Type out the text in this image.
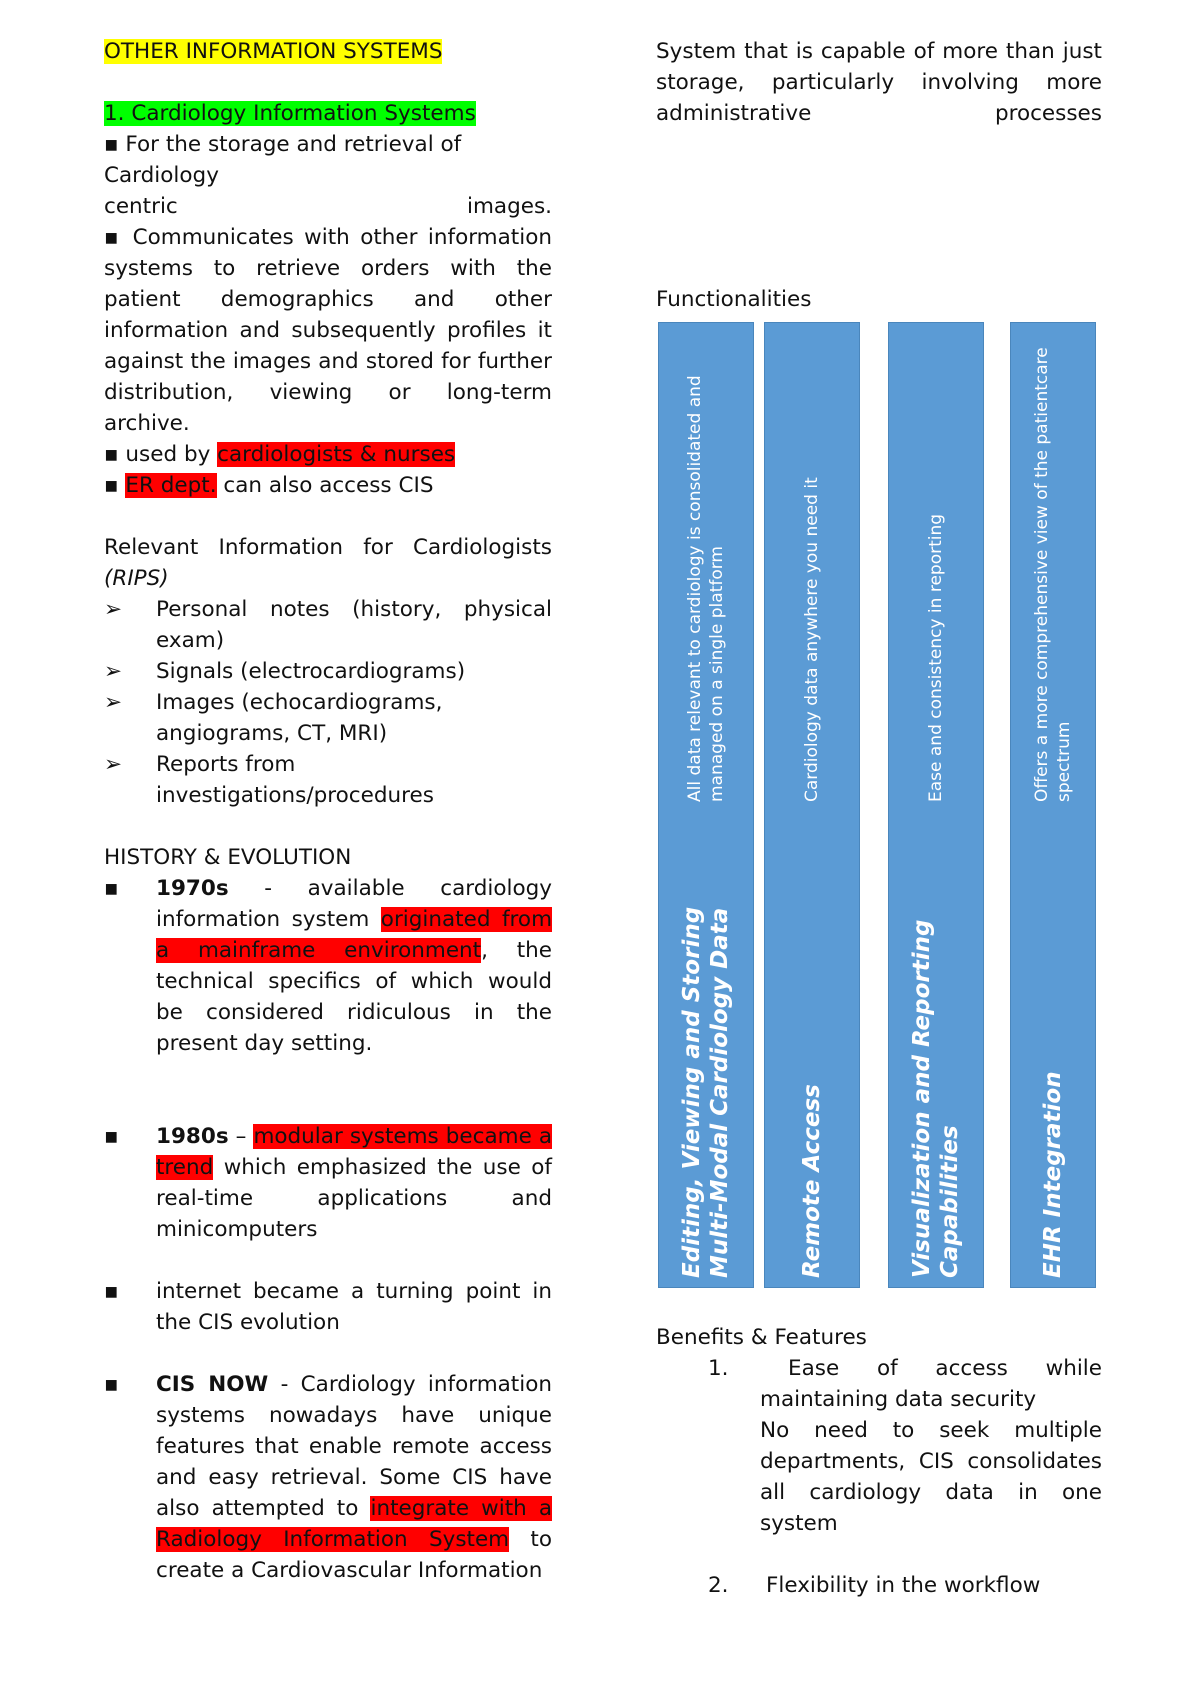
OTHER INFORMATION SYSTEMS

1. Cardiology Information Systems

▪ For the storage and retrieval of

Cardiology

centric images.

▪ Communicates with other information systems to retrieve orders with the patient demographics and other information and subsequently profiles it against the images and stored for further distribution, viewing or long-term archive.

▪ used by cardiologists & nurses

▪ ER dept. can also access CIS

Relevant Information for Cardiologists

(RIPS)

➢ Personal notes (history, physical exam)
➢ Signals (electrocardiograms)
➢ Images (echocardiograms, angiograms, CT, MRI)
➢ Reports from investigations/procedures

HISTORY & EVOLUTION

▪ 1970s - available cardiology information system originated from a mainframe environment, the technical specifics of which would be considered ridiculous in the present day setting.
▪ 1980s – modular systems became a trend which emphasized the use of real-time applications and minicomputers
▪ internet became a turning point in the CIS evolution
▪ CIS NOW - Cardiology information systems nowadays have unique features that enable remote access and easy retrieval. Some CIS have also attempted to integrate with a Radiology Information System to create a Cardiovascular Information

System that is capable of more than just storage, particularly involving more administrative processes

Functionalities

Editing, Viewing and Storing Multi-Modal Cardiology Data
All data relevant to cardiology is consolidated and managed on a single platform
Remote Access
Cardiology data anywhere you need it
Visualization and Reporting Capabilities
Ease and consistency in reporting
EHR Integration
Offers a more comprehensive view of the patientcare spectrum

Benefits & Features

1.	Ease of access while maintaining data security
No need to seek multiple departments, CIS consolidates all cardiology data in one system
2. Flexibility in the workflow
